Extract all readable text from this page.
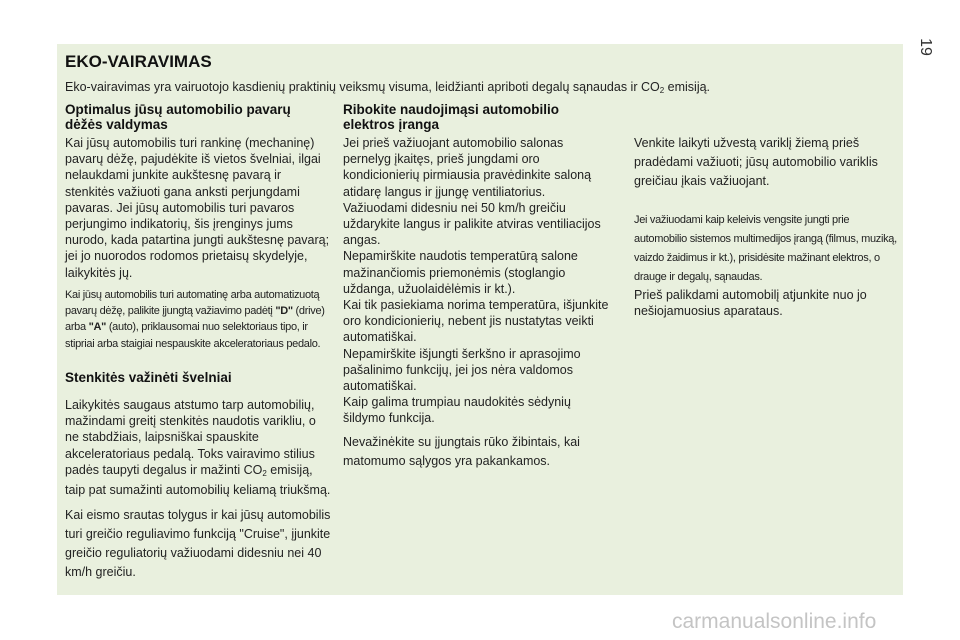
19
EKO-VAIRAVIMAS
Eko-vairavimas yra vairuotojo kasdienių praktinių veiksmų visuma, leidžianti apriboti degalų sąnaudas ir $CO_2$ emisiją.
Optimalus jūsų automobilio pavarų dėžės valdymas

Kai jūsų automobilis turi rankinę (mechaninę) pavarų dėžę, pajudėkite iš vietos švelniai, ilgai nelaukdami junkite aukštesnę pavarą ir stenkitės važiuoti gana anksti perjungdami pavaras. Jei jūsų automobilis turi pavaros perjungimo indikatorių, šis įrenginys jums nurodo, kada patartina jungti aukštesnę pavarą; jei jo nuorodos rodomos prietaisų skydelyje, laikykitės jų.

Kai jūsų automobilis turi automatinę arba automatizuotą pavarų dėžę, palikite įjungtą važiavimo padėtį "D" (drive) arba "A" (auto), priklausomai nuo selektoriaus tipo, ir stipriai arba staigiai nespauskite akceleratoriaus pedalo.

Stenkitės važinėti švelniai

Laikykitės saugaus atstumo tarp automobilių, mažindami greitį stenkitės naudotis varikliu, o ne stabdžiais, laipsniškai spauskite akceleratoriaus pedalą. Toks vairavimo stilius padės taupyti degalus ir mažinti $CO_2$ emisiją, taip pat sumažinti automobilių keliamą triukšmą.

Kai eismo srautas tolygus ir kai jūsų automobilis turi greičio reguliavimo funkciją "Cruise", įjunkite greičio reguliatorių važiuodami didesniu nei 40 km/h greičiu.

Ribokite naudojimąsi automobilio elektros įranga

Jei prieš važiuojant automobilio salonas pernelyg įkaitęs, prieš jungdami oro kondicionierių pirmiausia pravėdinkite saloną atidarę langus ir įjungę ventiliatorius.

Važiuodami didesniu nei 50 km/h greičiu uždarykite langus ir palikite atviras ventiliacijos angas.

Nepamirškite naudotis temperatūrą salone mažinančiomis priemonėmis (stoglangio uždanga, užuolaidėlėmis ir kt.).

Kai tik pasiekiama norima temperatūra, išjunkite oro kondicionierių, nebent jis nustatytas veikti automatiškai.

Nepamirškite išjungti šerkšno ir aprasojimo pašalinimo funkcijų, jei jos nėra valdomos automatiškai.

Kaip galima trumpiau naudokitės sėdynių šildymo funkcija.

Nevažinėkite su įjungtais rūko žibintais, kai matomumo sąlygos yra pakankamos.

Venkite laikyti užvestą variklį žiemą prieš pradėdami važiuoti; jūsų automobilio variklis greičiau įkais važiuojant.

Jei važiuodami kaip keleivis vengsite jungti prie automobilio sistemos multimedijos įrangą (filmus, muziką, vaizdo žaidimus ir kt.), prisidėsite mažinant elektros, o drauge ir degalų, sąnaudas.

Prieš palikdami automobilį atjunkite nuo jo nešiojamuosius aparataus.

carmanualsonline.info
